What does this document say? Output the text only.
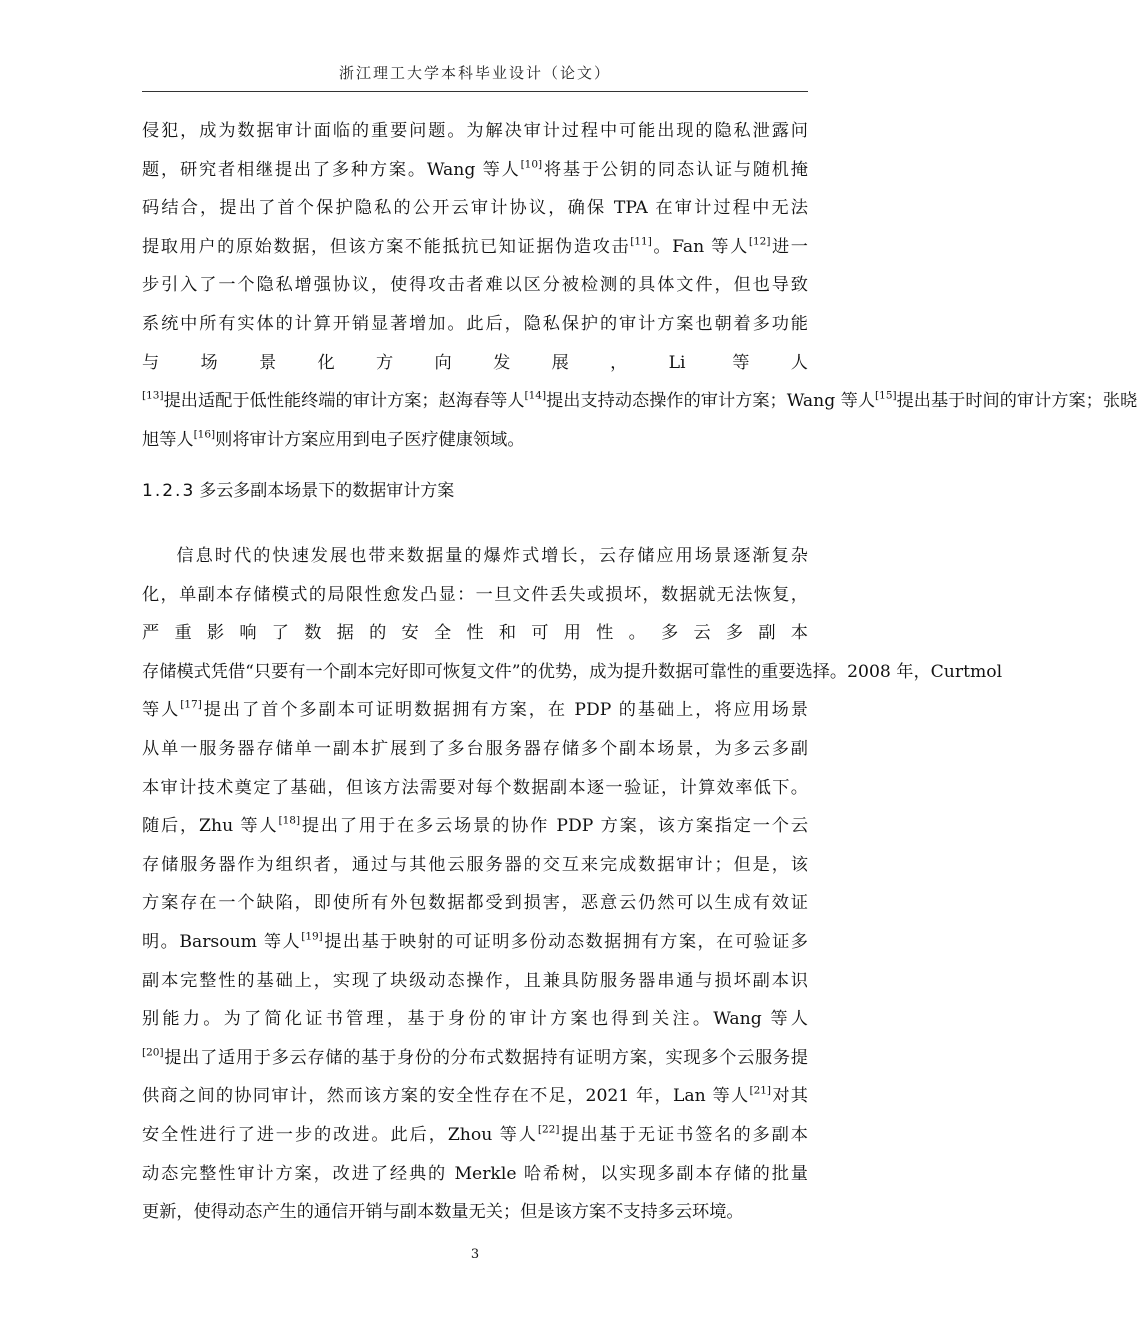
浙江理工大学本科毕业设计（论文）
侵犯，成为数据审计面临的重要问题。为解决审计过程中可能出现的隐私泄露问
题，研究者相继提出了多种方案。Wang 等人[10]将基于公钥的同态认证与随机掩
码结合，提出了首个保护隐私的公开云审计协议，确保 TPA 在审计过程中无法
提取用户的原始数据，但该方案不能抵抗已知证据伪造攻击[11]。Fan 等人[12]进一
步引入了一个隐私增强协议，使得攻击者难以区分被检测的具体文件，但也导致
系统中所有实体的计算开销显著增加。此后，隐私保护的审计方案也朝着多功能
与场景化方向发展，Li 等人
[13]提出适配于低性能终端的审计方案；赵海春等人[14]提出支持动态操作的审计方案；Wang 等人[15]提出基于时间的审计方案；张晓
旭等人[16]则将审计方案应用到电子医疗健康领域。
1.2.3 多云多副本场景下的数据审计方案
信息时代的快速发展也带来数据量的爆炸式增长，云存储应用场景逐渐复杂
化，单副本存储模式的局限性愈发凸显：一旦文件丢失或损坏，数据就无法恢复，
严重影响了数据的安全性和可用性。多云多副本
存储模式凭借“只要有一个副本完好即可恢复文件”的优势，成为提升数据可靠性的重要选择。2008 年，Curtmol
等人[17]提出了首个多副本可证明数据拥有方案，在 PDP 的基础上，将应用场景
从单一服务器存储单一副本扩展到了多台服务器存储多个副本场景，为多云多副
本审计技术奠定了基础，但该方法需要对每个数据副本逐一验证，计算效率低下。
随后，Zhu 等人[18]提出了用于在多云场景的协作 PDP 方案，该方案指定一个云
存储服务器作为组织者，通过与其他云服务器的交互来完成数据审计；但是，该
方案存在一个缺陷，即使所有外包数据都受到损害，恶意云仍然可以生成有效证
明。Barsoum 等人[19]提出基于映射的可证明多份动态数据拥有方案，在可验证多
副本完整性的基础上，实现了块级动态操作，且兼具防服务器串通与损坏副本识
别能力。为了简化证书管理，基于身份的审计方案也得到关注。Wang 等人
[20]提出了适用于多云存储的基于身份的分布式数据持有证明方案，实现多个云服务提
供商之间的协同审计，然而该方案的安全性存在不足，2021 年，Lan 等人[21]对其
安全性进行了进一步的改进。此后，Zhou 等人[22]提出基于无证书签名的多副本
动态完整性审计方案，改进了经典的 Merkle 哈希树，以实现多副本存储的批量
更新，使得动态产生的通信开销与副本数量无关；但是该方案不支持多云环境。
3
